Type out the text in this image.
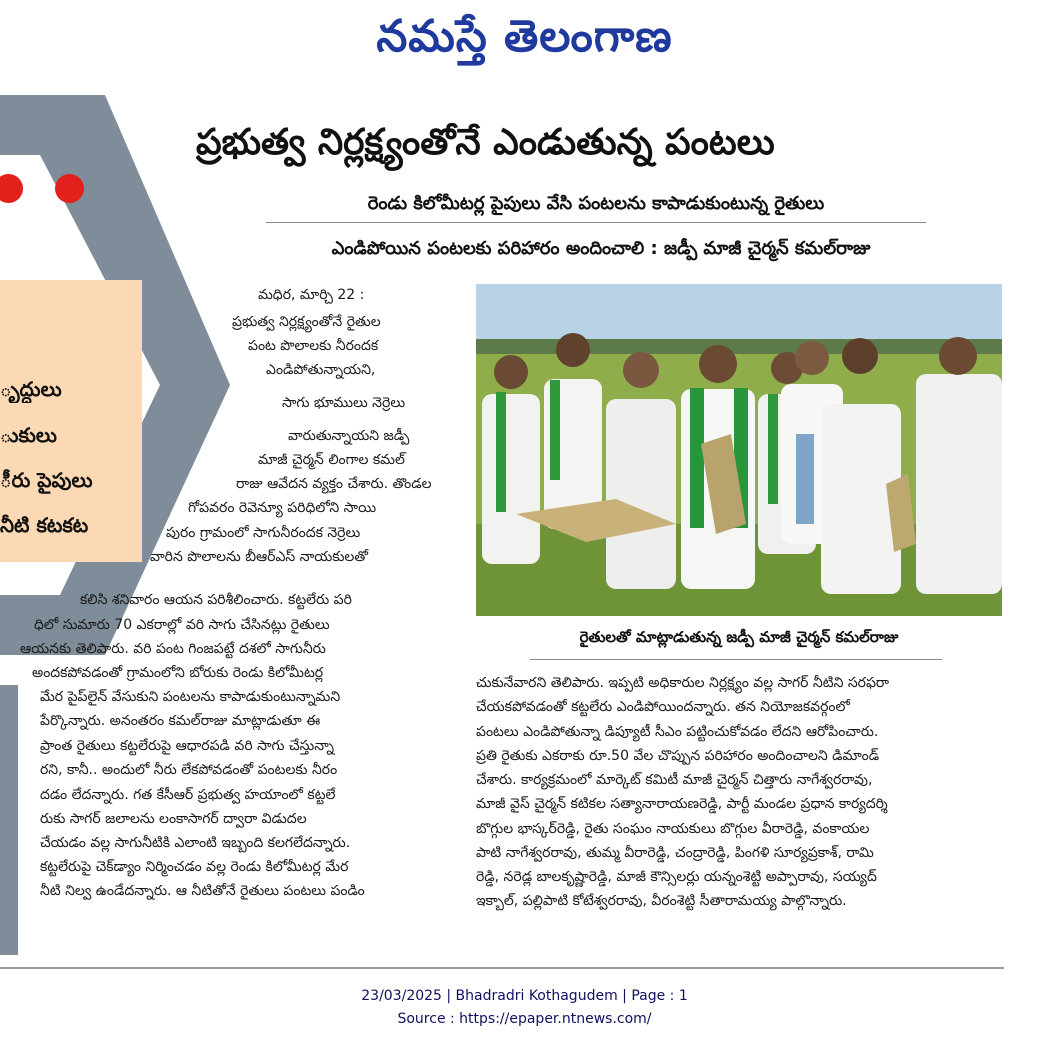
నమస్తే తెలంగాణ
ృద్ధులు
ుకులు
ీరు పైపులు
నీటి కటకట
ప్రభుత్వ నిర్లక్ష్యంతోనే ఎండుతున్న పంటలు
రెండు కిలోమీటర్ల పైపులు వేసి పంటలను కాపాడుకుంటున్న రైతులు
ఎండిపోయిన పంటలకు పరిహారం అందించాలి : జడ్పీ మాజీ చైర్మన్ కమల్‌రాజు
మధిర, మార్చి 22 :
ప్రభుత్వ నిర్లక్ష్యంతోనే రైతుల
పంట పొలాలకు నీరందక
ఎండిపోతున్నాయని,
సాగు భూములు నెర్రెలు
వారుతున్నాయని జడ్పీ
మాజీ చైర్మన్ లింగాల కమల్
రాజు ఆవేదన వ్యక్తం చేశారు. తొండల
గోపవరం రెవెన్యూ పరిధిలోని సాయి
పురం గ్రామంలో సాగునీరందక నెర్రెలు
వారిన పొలాలను బీఆర్ఎస్ నాయకులతో
కలిసి శనివారం ఆయన పరిశీలించారు. కట్టలేరు పరి
ధిలో సుమారు 70 ఎకరాల్లో వరి సాగు చేసినట్లు రైతులు
ఆయనకు తెలిపారు. వరి పంట గింజపట్టే దశలో సాగునీరు
అందకపోవడంతో గ్రామంలోని బోరుకు రెండు కిలోమీటర్ల
మేర పైప్‌లైన్ వేసుకుని పంటలను కాపాడుకుంటున్నామని
పేర్కొన్నారు. అనంతరం కమల్‌రాజు మాట్లాడుతూ ఈ
ప్రాంత రైతులు కట్టలేరుపై ఆధారపడి వరి సాగు చేస్తున్నా
రని, కానీ.. అందులో నీరు లేకపోవడంతో పంటలకు నీరం
దడం లేదన్నారు. గత కేసీఆర్ ప్రభుత్వ హయాంలో కట్టలే
రుకు సాగర్ జలాలను లంకాసాగర్ ద్వారా విడుదల
చేయడం వల్ల సాగునీటికి ఎలాంటి ఇబ్బంది కలగలేదన్నారు.
కట్టలేరుపై చెక్‌డ్యాం నిర్మించడం వల్ల రెండు కిలోమీటర్ల మేర
నీటి నిల్వ ఉండేదన్నారు. ఆ నీటితోనే రైతులు పంటలు పండిం
రైతులతో మాట్లాడుతున్న జడ్పీ మాజీ చైర్మన్ కమల్‌రాజు
చుకునేవారని తెలిపారు. ఇప్పటి అధికారుల నిర్లక్ష్యం వల్ల సాగర్ నీటిని సరఫరా
చేయకపోవడంతో కట్టలేరు ఎండిపోయిందన్నారు. తన నియోజకవర్గంలో
పంటలు ఎండిపోతున్నా డిప్యూటీ సీఎం పట్టించుకోవడం లేదని ఆరోపించారు.
ప్రతి రైతుకు ఎకరాకు రూ.50 వేల చొప్పున పరిహారం అందించాలని డిమాండ్
చేశారు. కార్యక్రమంలో మార్కెట్ కమిటీ మాజీ చైర్మన్ చిత్తారు నాగేశ్వరరావు,
మాజీ వైస్ చైర్మన్ కటికల సత్యానారాయణరెడ్డి, పార్టీ మండల ప్రధాన కార్యదర్శి
బొగ్గుల భాస్కర్‌రెడ్డి, రైతు సంఘం నాయకులు బొగ్గుల వీరారెడ్డి, వంకాయల
పాటి నాగేశ్వరరావు, తుమ్మ వీరారెడ్డి, చంద్రారెడ్డి, పింగళి సూర్యప్రకాశ్, రామి
రెడ్డి, నరెడ్ల బాలకృష్ణారెడ్డి, మాజీ కౌన్సిలర్లు యన్నంశెట్టి అప్పారావు, సయ్యద్
ఇక్బాల్, పల్లిపాటి కోటేశ్వరరావు, వీరంశెట్టి సీతారామయ్య పాల్గొన్నారు.
23/03/2025 | Bhadradri Kothagudem | Page : 1
Source : https://epaper.ntnews.com/
